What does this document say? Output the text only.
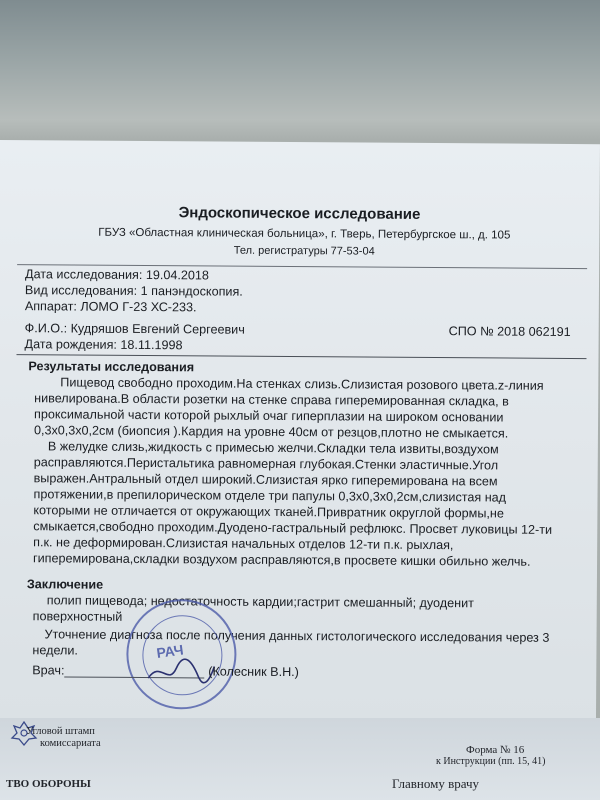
Эндоскопическое исследование
ГБУЗ «Областная клиническая больница», г. Тверь, Петербургское ш., д. 105
Тел. регистратуры 77-53-04
Дата исследования: 19.04.2018
Вид исследования: 1 панэндоскопия.
Аппарат: ЛОМО Г-23 ХС-233.
Ф.И.О.: Кудряшов Евгений Сергеевич	СПО № 2018 062191
Дата рождения: 18.11.1998
Результаты исследования
Пищевод свободно проходим.На стенках слизь.Слизистая розового цвета.z-линия
нивелирована.В области розетки на стенке справа гиперемированная складка, в
проксимальной части которой рыхлый очаг гиперплазии на широком основании
0,3х0,3х0,2см (биопсия ).Кардия на уровне 40см от резцов,плотно не смыкается.
В желудке слизь,жидкость с примесью желчи.Складки тела извиты,воздухом
расправляются.Перистальтика равномерная глубокая.Стенки эластичные.Угол
выражен.Антральный отдел широкий.Слизистая ярко гиперемирована на всем
протяжении,в препилорическом отделе три папулы 0,3х0,3х0,2см,слизистая над
которыми не отличается от окружающих тканей.Привратник округлой формы,не
смыкается,свободно проходим.Дуодено-гастральный рефлюкс. Просвет луковицы 12-ти
п.к. не деформирован.Слизистая начальных отделов 12-ти п.к. рыхлая,
гиперемирована,складки воздухом расправляются,в просвете кишки обильно желчь.
Заключение
полип пищевода; недостаточность кардии;гастрит смешанный; дуоденит
поверхностный
Уточнение диагноза после получения данных гистологического исследования через 3
недели.	РАЧ
Врач:	(Колесник В.Н.)
Угловой штамп
комиссариата
ТВО ОБОРОНЫ
Форма № 16
к Инструкции (пп. 15, 41)
Главному врачу
